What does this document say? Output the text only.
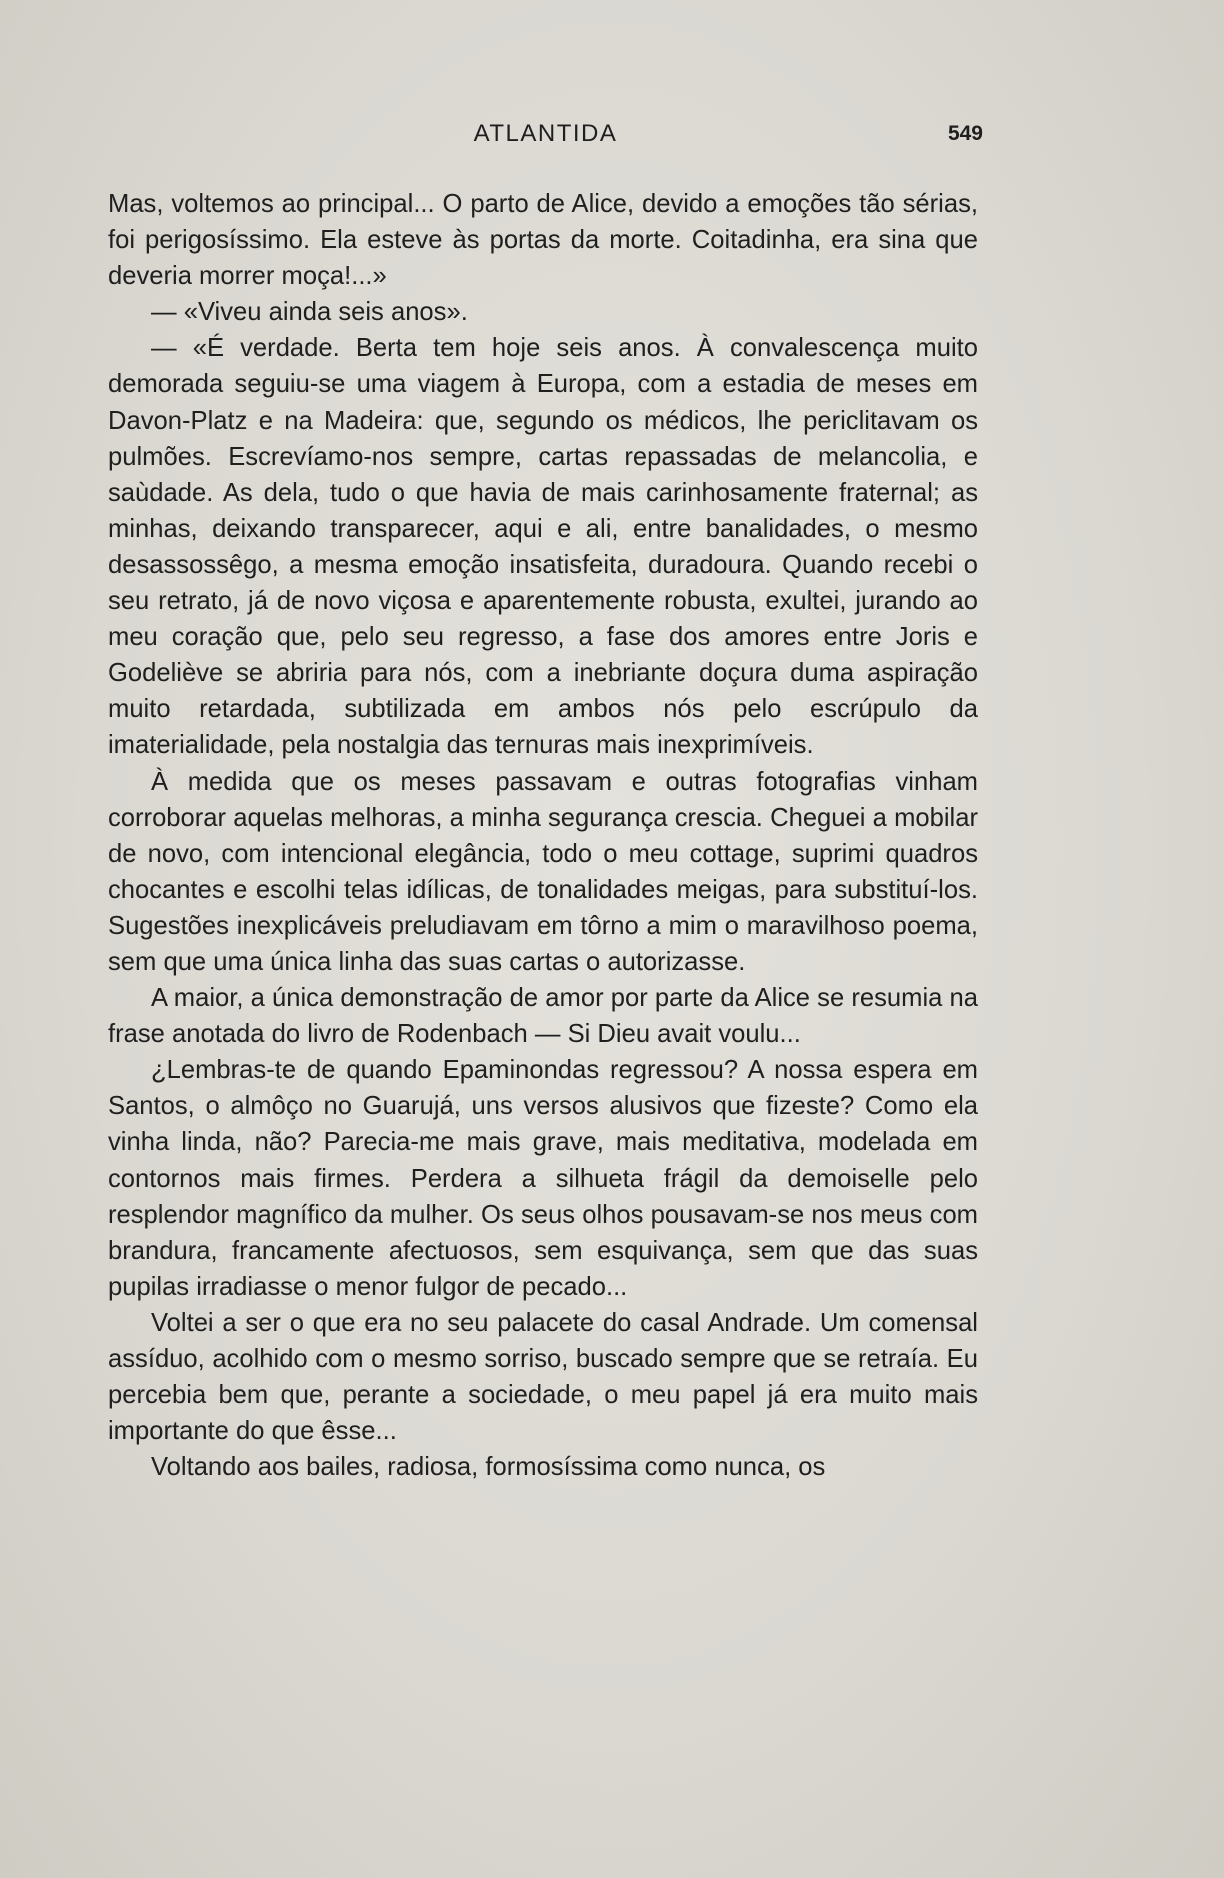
ATLANTIDA	549

Mas, voltemos ao principal... O parto de Alice, devido a emoções tão sérias, foi perigosíssimo. Ela esteve às portas da morte. Coitadinha, era sina que deveria morrer moça!...»

— «Viveu ainda seis anos».

— «É verdade. Berta tem hoje seis anos. À convalescença muito demorada seguiu-se uma viagem à Europa, com a estadia de meses em Davon-Platz e na Madeira: que, segundo os médicos, lhe periclitavam os pulmões. Escrevíamo-nos sempre, cartas repassadas de melancolia, e saùdade. As dela, tudo o que havia de mais carinhosamente fraternal; as minhas, deixando transparecer, aqui e ali, entre banalidades, o mesmo desassossêgo, a mesma emoção insatisfeita, duradoura. Quando recebi o seu retrato, já de novo viçosa e aparentemente robusta, exultei, jurando ao meu coração que, pelo seu regresso, a fase dos amores entre Joris e Godelièvе se abriria para nós, com a inebriante doçura duma aspiração muito retardada, subtilizada em ambos nós pelo escrúpulo da imaterialidade, pela nostalgia das ternuras mais inexprimíveis.

À medida que os meses passavam e outras fotografias vinham corroborar aquelas melhoras, a minha segurança crescia. Cheguei a mobilar de novo, com intencional elegância, todo o meu cottage, suprimi quadros chocantes e escolhi telas idílicas, de tonalidades meigas, para substituí-los. Sugestões inexplicáveis preludiavam em tôrno a mim o maravilhoso poema, sem que uma única linha das suas cartas o autorizasse.

A maior, a única demonstração de amor por parte da Alice se resumia na frase anotada do livro de Rodenbach — Si Dieu avait voulu...

¿Lembras-te de quando Epaminondas regressou? A nossa espera em Santos, o almôço no Guarujá, uns versos alusivos que fizeste? Como ela vinha linda, não? Parecia-me mais grave, mais meditativa, modelada em contornos mais firmes. Perdera a silhueta frágil da demoiselle pelo resplendor magnífico da mulher. Os seus olhos pousavam-se nos meus com brandura, francamente afectuosos, sem esquivança, sem que das suas pupilas irradiasse o menor fulgor de pecado...

Voltei a ser o que era no seu palacete do casal Andrade. Um comensal assíduo, acolhido com o mesmo sorriso, buscado sempre que se retraía. Eu percebia bem que, perante a sociedade, o meu papel já era muito mais importante do que êsse...

Voltando aos bailes, radiosa, formosíssima como nunca, os
